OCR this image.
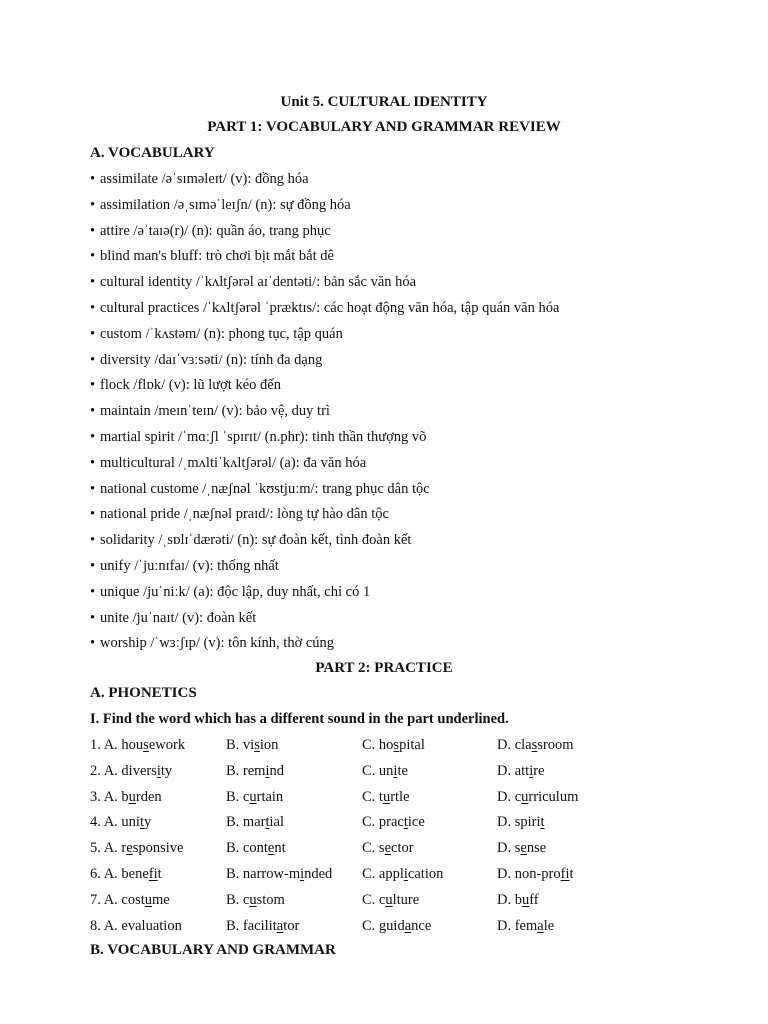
Unit 5. CULTURAL IDENTITY
PART 1: VOCABULARY AND GRAMMAR REVIEW
A. VOCABULARY
• assimilate /əˈsɪməleɪt/ (v): đồng hóa
• assimilation /əˌsɪməˈleɪʃn/ (n): sự đồng hóa
• attire /əˈtaɪə(r)/ (n): quần áo, trang phục
• blind man's bluff: trò chơi bịt mắt bắt dê
• cultural identity /ˈkʌltʃərəl aɪˈdentəti/: bản sắc văn hóa
• cultural practices /ˈkʌltʃərəl ˈpræktɪs/: các hoạt động văn hóa, tập quán văn hóa
• custom /ˈkʌstəm/ (n): phong tục, tập quán
• diversity /daɪˈvɜːsəti/ (n): tính đa dạng
• flock /flɒk/ (v): lũ lượt kéo đến
• maintain /meɪnˈteɪn/ (v): bảo vệ, duy trì
• martial spirit /ˈmɑːʃl ˈspɪrɪt/ (n.phr): tinh thần thượng võ
• multicultural /ˌmʌltiˈkʌltʃərəl/ (a): đa văn hóa
• national custome /ˌnæʃnəl ˈkʊstjuːm/: trang phục dân tộc
• national pride /ˌnæʃnəl praɪd/: lòng tự hào dân tộc
• solidarity /ˌsɒlɪˈdærəti/ (n): sự đoàn kết, tình đoàn kết
• unify /ˈjuːnɪfaɪ/ (v): thống nhất
• unique /juˈniːk/ (a): độc lập, duy nhất, chỉ có 1
• unite /juˈnaɪt/ (v): đoàn kết
• worship /ˈwɜːʃɪp/ (v): tôn kính, thờ cúng
PART 2: PRACTICE
A. PHONETICS
I. Find the word which has a different sound in the part underlined.
1. A. housework	B. vision	C. hospital	D. classroom
2. A. diversity	B. remind	C. unite	D. attire
3. A. burden	B. curtain	C. turtle	D. curriculum
4. A. unity	B. martial	C. practice	D. spirit
5. A. responsive	B. content	C. sector	D. sense
6. A. benefit	B. narrow-minded C. application	D. non-profit
7. A. costume	B. custom	C. culture	D. buff
8. A. evaluation	B. facilitator	C. guidance	D. female
B. VOCABULARY AND GRAMMAR
